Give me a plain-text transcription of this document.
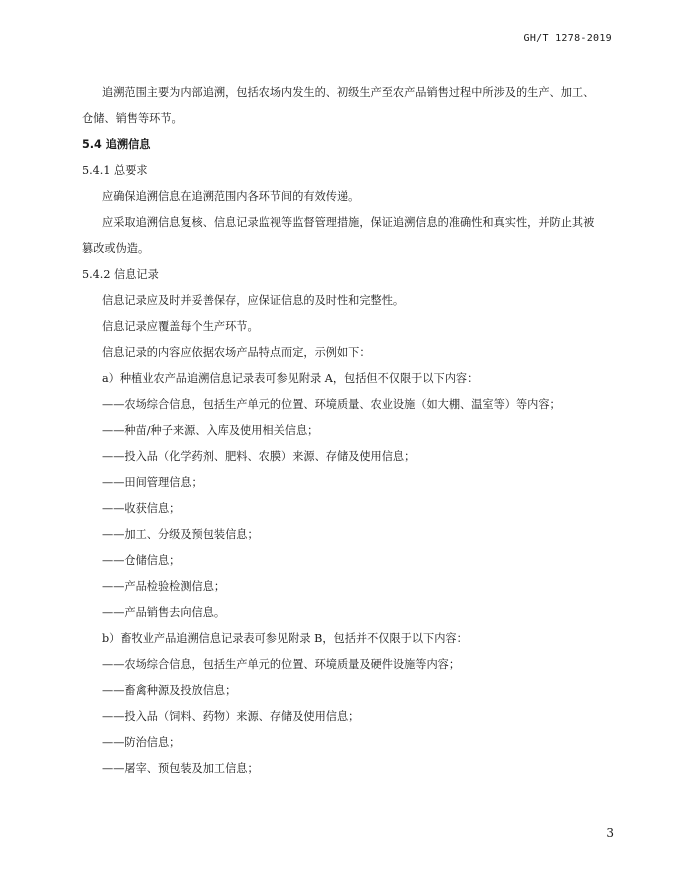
GH/T 1278-2019
追溯范围主要为内部追溯，包括农场内发生的、初级生产至农产品销售过程中所涉及的生产、加工、
仓储、销售等环节。
5.4 追溯信息
5.4.1 总要求
应确保追溯信息在追溯范围内各环节间的有效传递。
应采取追溯信息复核、信息记录监视等监督管理措施，保证追溯信息的准确性和真实性，并防止其被
篡改或伪造。
5.4.2 信息记录
信息记录应及时并妥善保存，应保证信息的及时性和完整性。
信息记录应覆盖每个生产环节。
信息记录的内容应依据农场产品特点而定，示例如下：
a）种植业农产品追溯信息记录表可参见附录 A，包括但不仅限于以下内容：
——农场综合信息，包括生产单元的位置、环境质量、农业设施（如大棚、温室等）等内容；
——种苗/种子来源、入库及使用相关信息；
——投入品（化学药剂、肥料、农膜）来源、存储及使用信息；
——田间管理信息；
——收获信息；
——加工、分级及预包装信息；
——仓储信息；
——产品检验检测信息；
——产品销售去向信息。
b）畜牧业产品追溯信息记录表可参见附录 B，包括并不仅限于以下内容：
——农场综合信息，包括生产单元的位置、环境质量及硬件设施等内容；
——畜禽种源及投放信息；
——投入品（饲料、药物）来源、存储及使用信息；
——防治信息；
——屠宰、预包装及加工信息；
3
